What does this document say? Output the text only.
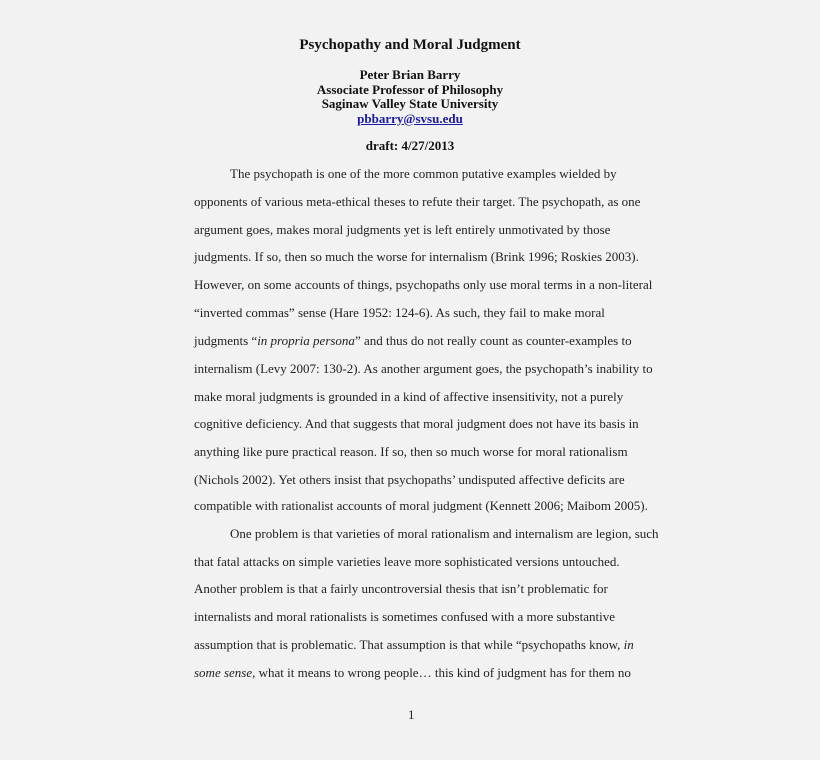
Psychopathy and Moral Judgment
Peter Brian Barry
Associate Professor of Philosophy
Saginaw Valley State University
pbbarry@svsu.edu
draft: 4/27/2013
The psychopath is one of the more common putative examples wielded by
opponents of various meta-ethical theses to refute their target. The psychopath, as one
argument goes, makes moral judgments yet is left entirely unmotivated by those
judgments. If so, then so much the worse for internalism (Brink 1996; Roskies 2003).
However, on some accounts of things, psychopaths only use moral terms in a non-literal
“inverted commas” sense (Hare 1952: 124-6). As such, they fail to make moral
judgments “in propria persona” and thus do not really count as counter-examples to
internalism (Levy 2007: 130-2). As another argument goes, the psychopath’s inability to
make moral judgments is grounded in a kind of affective insensitivity, not a purely
cognitive deficiency. And that suggests that moral judgment does not have its basis in
anything like pure practical reason. If so, then so much worse for moral rationalism
(Nichols 2002). Yet others insist that psychopaths’ undisputed affective deficits are
compatible with rationalist accounts of moral judgment (Kennett 2006; Maibom 2005).
One problem is that varieties of moral rationalism and internalism are legion, such
that fatal attacks on simple varieties leave more sophisticated versions untouched.
Another problem is that a fairly uncontroversial thesis that isn’t problematic for
internalists and moral rationalists is sometimes confused with a more substantive
assumption that is problematic. That assumption is that while “psychopaths know, in
some sense, what it means to wrong people… this kind of judgment has for them no
1
